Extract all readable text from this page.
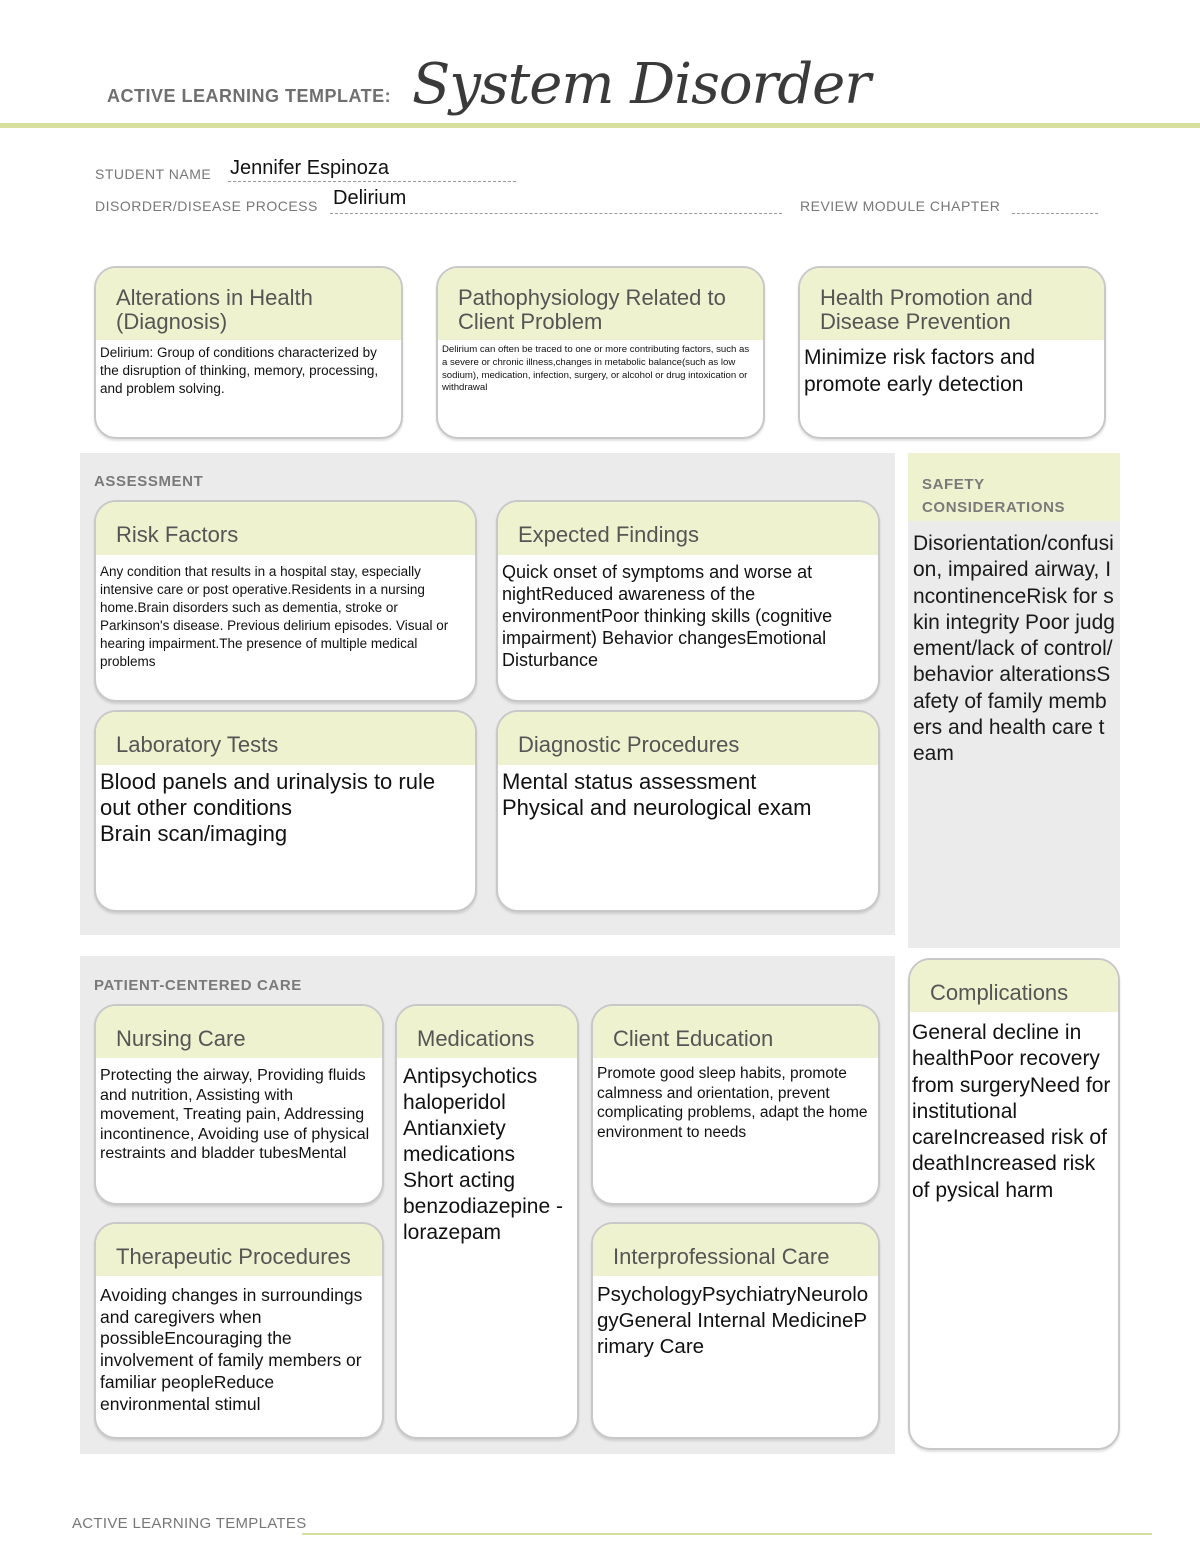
ACTIVE LEARNING TEMPLATE: System Disorder
STUDENT NAME Jennifer Espinoza
DISORDER/DISEASE PROCESS Delirium	REVIEW MODULE CHAPTER
Alterations in Health (Diagnosis)
Delirium: Group of conditions characterized by the disruption of thinking, memory, processing, and problem solving.
Pathophysiology Related to Client Problem
Delirium can often be traced to one or more contributing factors, such as a severe or chronic illness,changes in metabolic balance(such as low sodium), medication, infection, surgery, or alcohol or drug intoxication or withdrawal
Health Promotion and Disease Prevention
Minimize risk factors and promote early detection
ASSESSMENT
Risk Factors
Any condition that results in a hospital stay, especially intensive care or post operative.Residents in a nursing home.Brain disorders such as dementia, stroke or Parkinson's disease. Previous delirium episodes. Visual or hearing impairment.The presence of multiple medical problems
Expected Findings
Quick onset of symptoms and worse at nightReduced awareness of the environmentPoor thinking skills (cognitive impairment) Behavior changesEmotional Disturbance
Laboratory Tests
Blood panels and urinalysis to rule out other conditions
Brain scan/imaging
Diagnostic Procedures
Mental status assessment
Physical and neurological exam
SAFETY CONSIDERATIONS
Disorientation/confusion, impaired airway, IncontinenceRisk for skin integrity Poor judgement/lack of control/behavior alterationsSafety of family members and health care team
PATIENT-CENTERED CARE
Nursing Care
Protecting the airway, Providing fluids and nutrition, Assisting with movement, Treating pain, Addressing incontinence, Avoiding use of physical restraints and bladder tubesMental
Medications
Antipsychotics haloperidol Antianxiety medications Short acting benzodiazepine -lorazepam
Client Education
Promote good sleep habits, promote calmness and orientation, prevent complicating problems, adapt the home environment to needs
Therapeutic Procedures
Avoiding changes in surroundings and caregivers when possibleEncouraging the involvement of family members or familiar peopleReduce environmental stimul
Interprofessional Care
PsychologyPsychiatryNeurologyGeneral Internal MedicinePrimary Care
Complications
General decline in healthPoor recovery from surgeryNeed for institutional careIncreased risk of deathIncreased risk of pysical harm
ACTIVE LEARNING TEMPLATES
